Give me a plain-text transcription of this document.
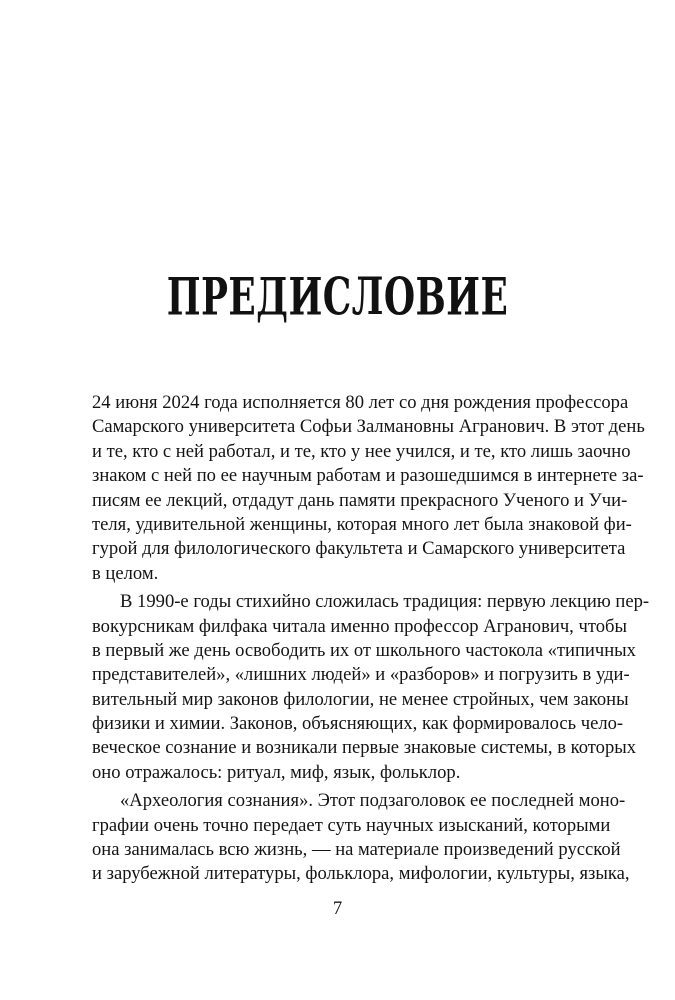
ПРЕДИСЛОВИЕ
24 июня 2024 года исполняется 80 лет со дня рождения профессора
Самарского университета Софьи Залмановны Агранович. В этот день
и те, кто с ней работал, и те, кто у нее учился, и те, кто лишь заочно
знаком с ней по ее научным работам и разошедшимся в интернете за-
писям ее лекций, отдадут дань памяти прекрасного Ученого и Учи-
теля, удивительной женщины, которая много лет была знаковой фи-
гурой для филологического факультета и Самарского университета
в целом.
В 1990-е годы стихийно сложилась традиция: первую лекцию пер-
вокурсникам филфака читала именно профессор Агранович, чтобы
в первый же день освободить их от школьного частокола «типичных
представителей», «лишних людей» и «разборов» и погрузить в уди-
вительный мир законов филологии, не менее стройных, чем законы
физики и химии. Законов, объясняющих, как формировалось чело-
веческое сознание и возникали первые знаковые системы, в которых
оно отражалось: ритуал, миф, язык, фольклор.
«Археология сознания». Этот подзаголовок ее последней моно-
графии очень точно передает суть научных изысканий, которыми
она занималась всю жизнь, — на материале произведений русской
и зарубежной литературы, фольклора, мифологии, культуры, языка,
7
